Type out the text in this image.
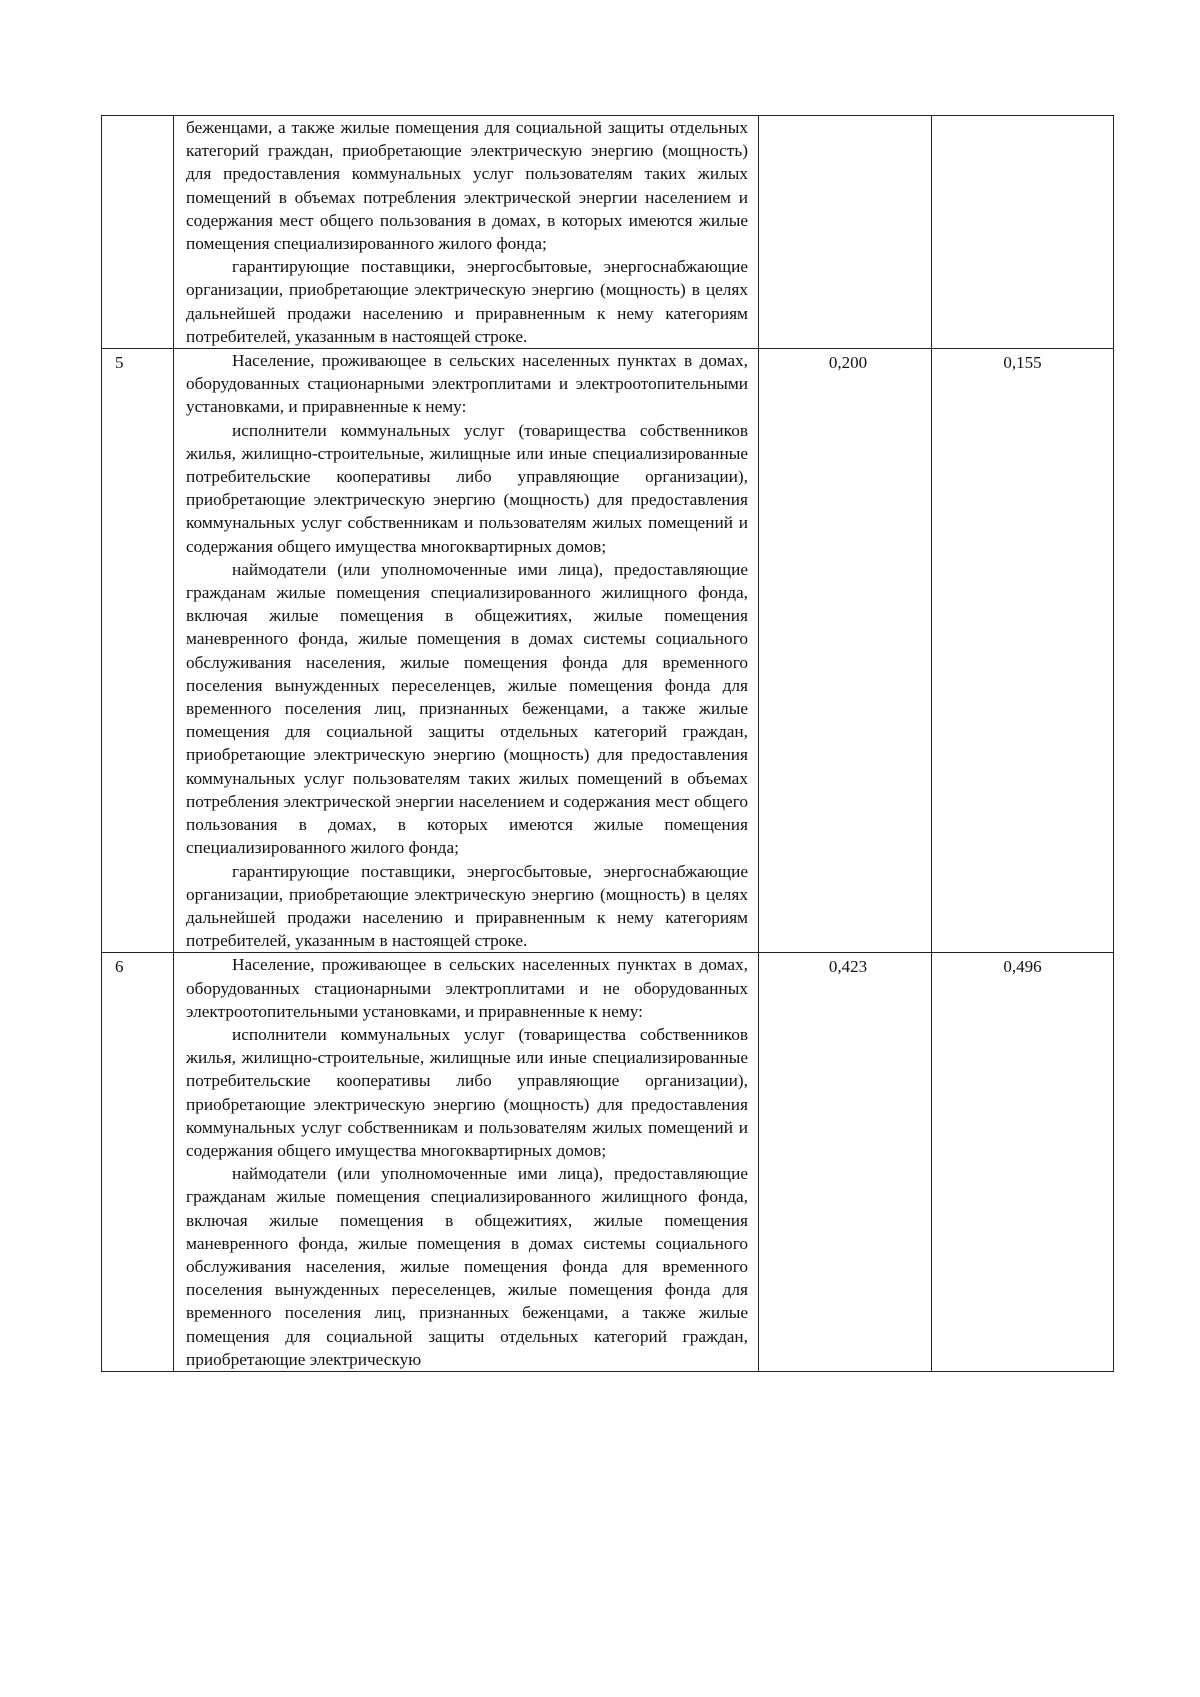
	беженцами, а также жилые помещения для социальной защиты отдельных категорий граждан, приобретающие электрическую энергию (мощность) для предоставления коммунальных услуг пользователям таких жилых помещений в объемах потребления электрической энергии населением и содержания мест общего пользования в домах, в которых имеются жилые помещения специализированного жилого фонда;

гарантирующие поставщики, энергосбытовые, энергоснабжающие организации, приобретающие электрическую энергию (мощность) в целях дальнейшей продажи населению и приравненным к нему категориям потребителей, указанным в настоящей строке.		

5	Население, проживающее в сельских населенных пунктах в домах, оборудованных стационарными электроплитами и электроотопительными установками, и приравненные к нему:

исполнители коммунальных услуг (товарищества собственников жилья, жилищно-строительные, жилищные или иные специализированные потребительские кооперативы либо управляющие организации), приобретающие электрическую энергию (мощность) для предоставления коммунальных услуг собственникам и пользователям жилых помещений и содержания общего имущества многоквартирных домов;

наймодатели (или уполномоченные ими лица), предоставляющие гражданам жилые помещения специализированного жилищного фонда, включая жилые помещения в общежитиях, жилые помещения маневренного фонда, жилые помещения в домах системы социального обслуживания населения, жилые помещения фонда для временного поселения вынужденных переселенцев, жилые помещения фонда для временного поселения лиц, признанных беженцами, а также жилые помещения для социальной защиты отдельных категорий граждан, приобретающие электрическую энергию (мощность) для предоставления коммунальных услуг пользователям таких жилых помещений в объемах потребления электрической энергии населением и содержания мест общего пользования в домах, в которых имеются жилые помещения специализированного жилого фонда;

гарантирующие поставщики, энергосбытовые, энергоснабжающие организации, приобретающие электрическую энергию (мощность) в целях дальнейшей продажи населению и приравненным к нему категориям потребителей, указанным в настоящей строке.	0,200	0,155
6	Население, проживающее в сельских населенных пунктах в домах, оборудованных стационарными электроплитами и не оборудованных электроотопительными установками, и приравненные к нему:

исполнители коммунальных услуг (товарищества собственников жилья, жилищно-строительные, жилищные или иные специализированные потребительские кооперативы либо управляющие организации), приобретающие электрическую энергию (мощность) для предоставления коммунальных услуг собственникам и пользователям жилых помещений и содержания общего имущества многоквартирных домов;

наймодатели (или уполномоченные ими лица), предоставляющие гражданам жилые помещения специализированного жилищного фонда, включая жилые помещения в общежитиях, жилые помещения маневренного фонда, жилые помещения в домах системы социального обслуживания населения, жилые помещения фонда для временного поселения вынужденных переселенцев, жилые помещения фонда для временного поселения лиц, признанных беженцами, а также жилые помещения для социальной защиты отдельных категорий граждан, приобретающие электрическую	0,423	0,496
